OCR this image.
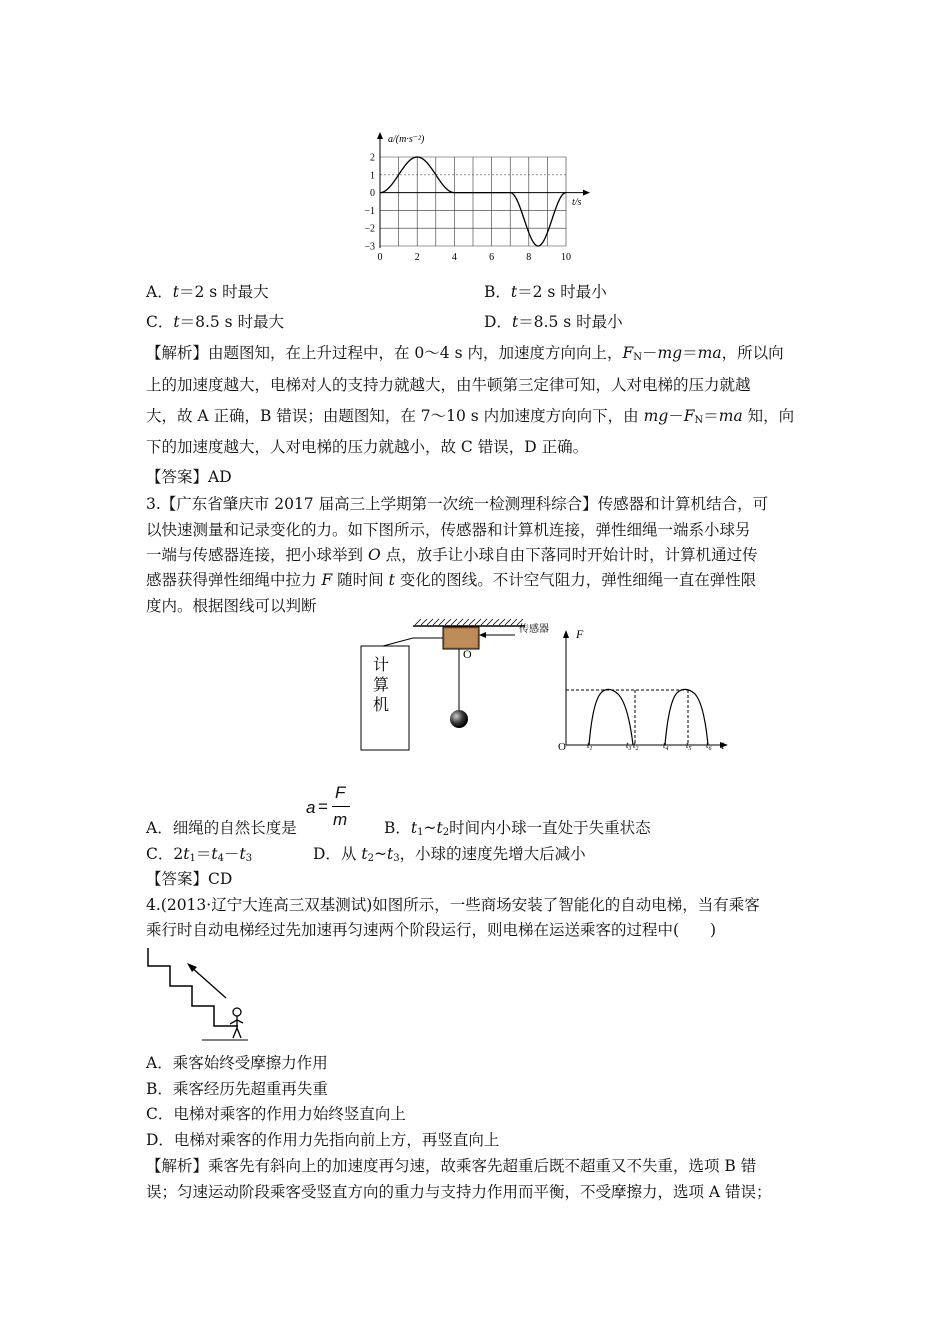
2
1
0
−1
−2
−3
0	2	4	6	8	10
a/(m·s⁻²)
t/s
A．t＝2 s 时最大	B．t＝2 s 时最小
C．t＝8.5 s 时最大	D．t＝8.5 s 时最小
【解析】由题图知，在上升过程中，在 0～4 s 内，加速度方向向上，$F_N-mg=ma$，所以向
上的加速度越大，电梯对人的支持力就越大，由牛顿第三定律可知，人对电梯的压力就越
大，故 A 正确，B 错误；由题图知，在 7～10 s 内加速度方向向下，由 $mg-F_N=ma$ 知，向
下的加速度越大，人对电梯的压力就越小，故 C 错误，D 正确。
【答案】AD
3.【广东省肇庆市 2017 届高三上学期第一次统一检测理科综合】传感器和计算机结合，可
以快速测量和记录变化的力。如下图所示，传感器和计算机连接，弹性细绳一端系小球另
一端与传感器连接，把小球举到 O 点，放手让小球自由下落同时开始计时，计算机通过传
感器获得弹性细绳中拉力 F 随时间 t 变化的图线。不计空气阻力，弹性细绳一直在弹性限
度内。根据图线可以判断
传感器
计
算
机
O
F
t
O $t_1$	$t_2$
$t_3$	$t_4$ $t_5$ $t_6$
A．细绳的自然长度是
a =
F
m B．$t_1\sim t_2$时间内小球一直处于失重状态
C．$2t_1=t_4-t_3$	D．从 $t_2\sim t_3$，小球的速度先增大后减小
【答案】CD
4.(2013·辽宁大连高三双基测试)如图所示，一些商场安装了智能化的自动电梯，当有乘客
乘行时自动电梯经过先加速再匀速两个阶段运行，则电梯在运送乘客的过程中(　　)
A．乘客始终受摩擦力作用
B．乘客经历先超重再失重
C．电梯对乘客的作用力始终竖直向上
D．电梯对乘客的作用力先指向前上方，再竖直向上
【解析】乘客先有斜向上的加速度再匀速，故乘客先超重后既不超重又不失重，选项 B 错
误；匀速运动阶段乘客受竖直方向的重力与支持力作用而平衡，不受摩擦力，选项 A 错误；
